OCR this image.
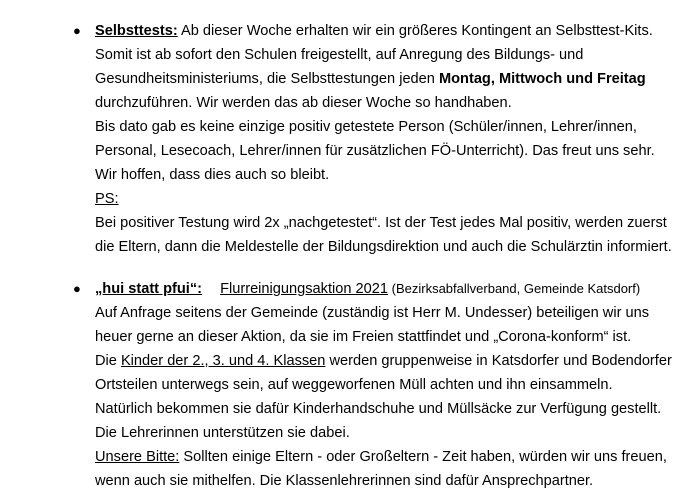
● Selbsttests: Ab dieser Woche erhalten wir ein größeres Kontingent an Selbsttest-Kits.
Somit ist ab sofort den Schulen freigestellt, auf Anregung des Bildungs- und
Gesundheitsministeriums, die Selbsttestungen jeden Montag, Mittwoch und Freitag
durchzuführen. Wir werden das ab dieser Woche so handhaben.
Bis dato gab es keine einzige positiv getestete Person (Schüler/innen, Lehrer/innen,
Personal, Lesecoach, Lehrer/innen für zusätzlichen FÖ-Unterricht). Das freut uns sehr.
Wir hoffen, dass dies auch so bleibt.
PS:
Bei positiver Testung wird 2x „nachgetestet“. Ist der Test jedes Mal positiv, werden zuerst
die Eltern, dann die Meldestelle der Bildungsdirektion und auch die Schulärztin informiert.
● „hui statt pfui“: Flurreinigungsaktion 2021 (Bezirksabfallverband, Gemeinde Katsdorf)
Auf Anfrage seitens der Gemeinde (zuständig ist Herr M. Undesser) beteiligen wir uns
heuer gerne an dieser Aktion, da sie im Freien stattfindet und „Corona-konform“ ist.
Die Kinder der 2., 3. und 4. Klassen werden gruppenweise in Katsdorfer und Bodendorfer
Ortsteilen unterwegs sein, auf weggeworfenen Müll achten und ihn einsammeln.
Natürlich bekommen sie dafür Kinderhandschuhe und Müllsäcke zur Verfügung gestellt.
Die Lehrerinnen unterstützen sie dabei.
Unsere Bitte: Sollten einige Eltern - oder Großeltern - Zeit haben, würden wir uns freuen,
wenn auch sie mithelfen. Die Klassenlehrerinnen sind dafür Ansprechpartner.
